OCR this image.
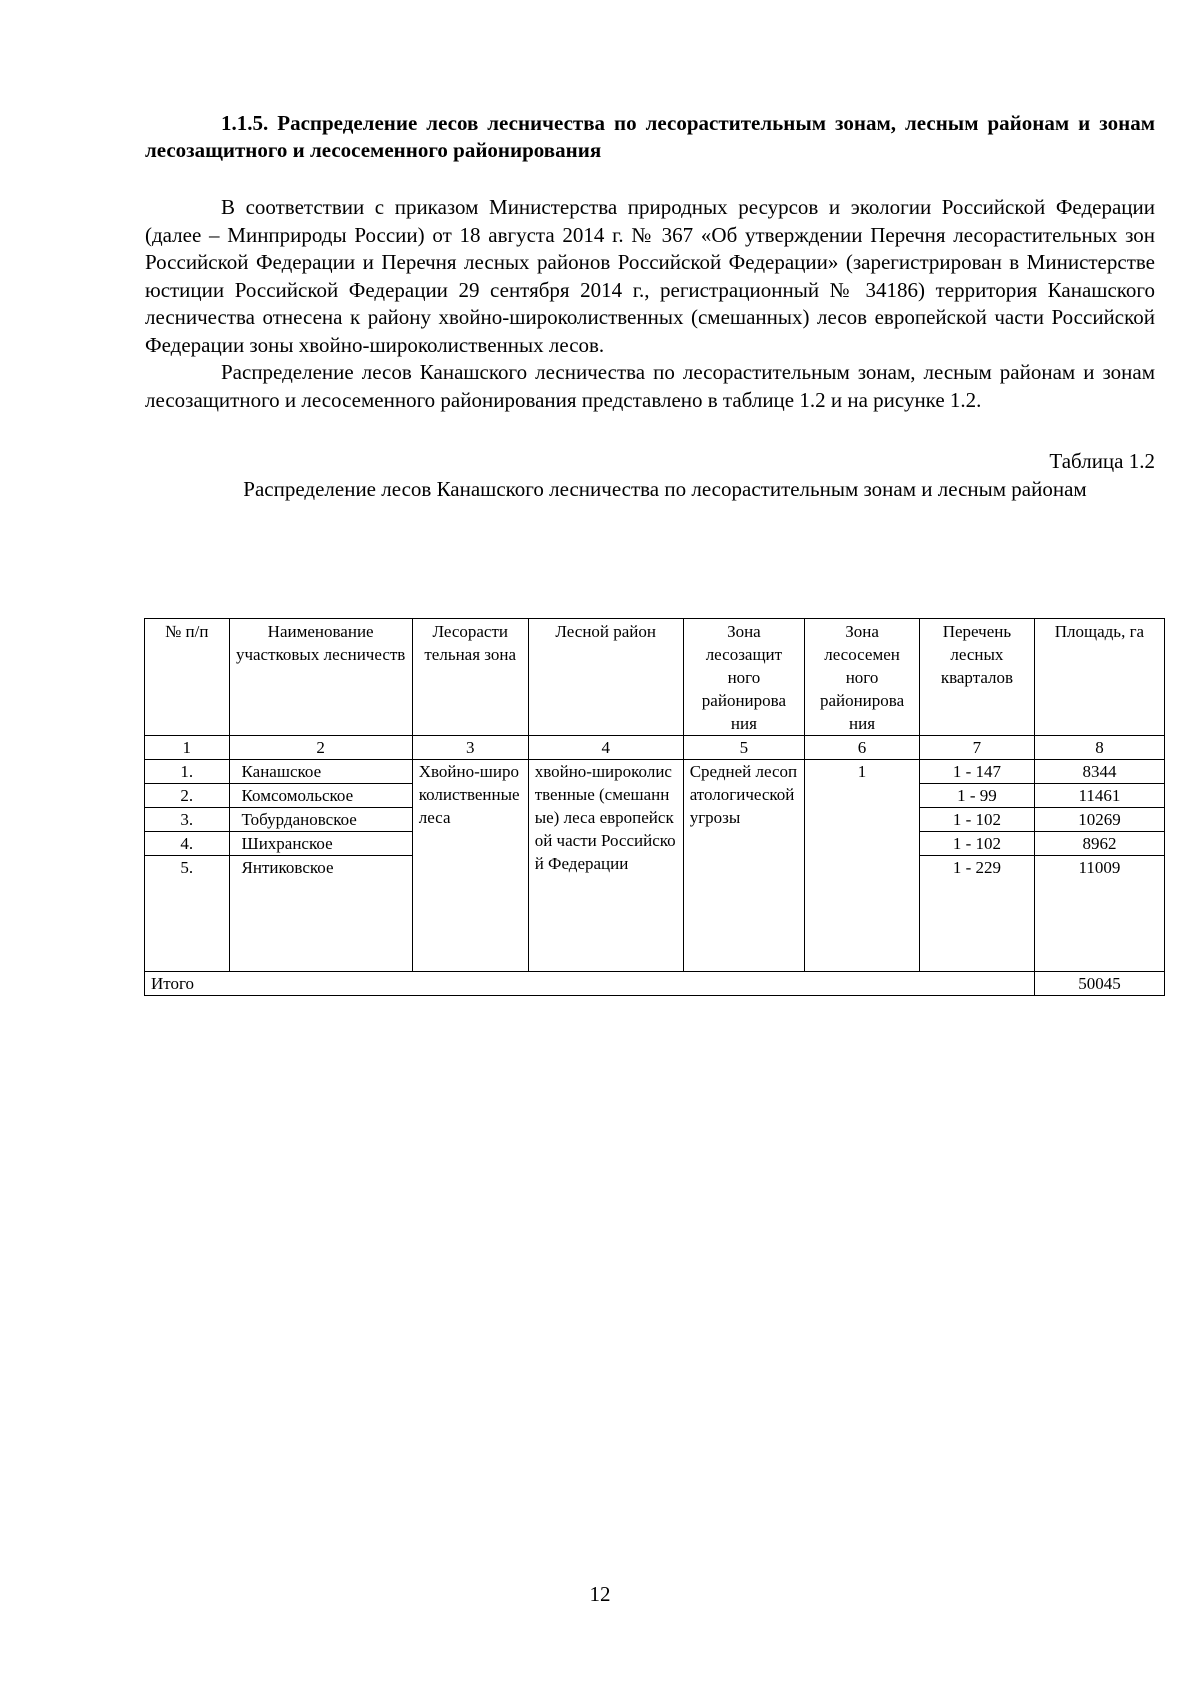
1.1.5. Распределение лесов лесничества по лесорастительным зонам, лесным районам и зонам лесозащитного и лесосеменного районирования

В соответствии с приказом Министерства природных ресурсов и экологии Российской Федерации (далее – Минприроды России) от 18 августа 2014 г. № 367 «Об утверждении Перечня лесорастительных зон Российской Федерации и Перечня лесных районов Российской Федерации» (зарегистрирован в Министерстве юстиции Российской Федерации 29 сентября 2014 г., регистрационный № 34186) территория Канашского лесничества отнесена к району хвойно-широколиственных (смешанных) лесов европейской части Российской Федерации зоны хвойно-широколиственных лесов.

Распределение лесов Канашского лесничества по лесорастительным зонам, лесным районам и зонам лесозащитного и лесосеменного районирования представлено в таблице 1.2 и на рисунке 1.2.

Таблица 1.2

Распределение лесов Канашского лесничества по лесорастительным зонам и лесным районам

№ п/п	Наименование участковых лесничеств	Лесорасти тельная зона	Лесной район	Зона лесозащит ного районирова ния	Зона лесосемен ного районирова ния	Перечень лесных кварталов	Площадь, га
1	2	3	4	5	6	7	8
1.	Канашское	Хвойно-широколиственные леса	хвойно-широколиственные (смешанные) леса европейской части Российской Федерации	Средней лесопатологической угрозы	1	1 - 147	8344
2.	Комсомольское					1 - 99	11461
3.	Тобурдановское					1 - 102	10269
4.	Шихранское					1 - 102	8962
5.	Янтиковское					1 - 229	11009
Итого							50045
12
